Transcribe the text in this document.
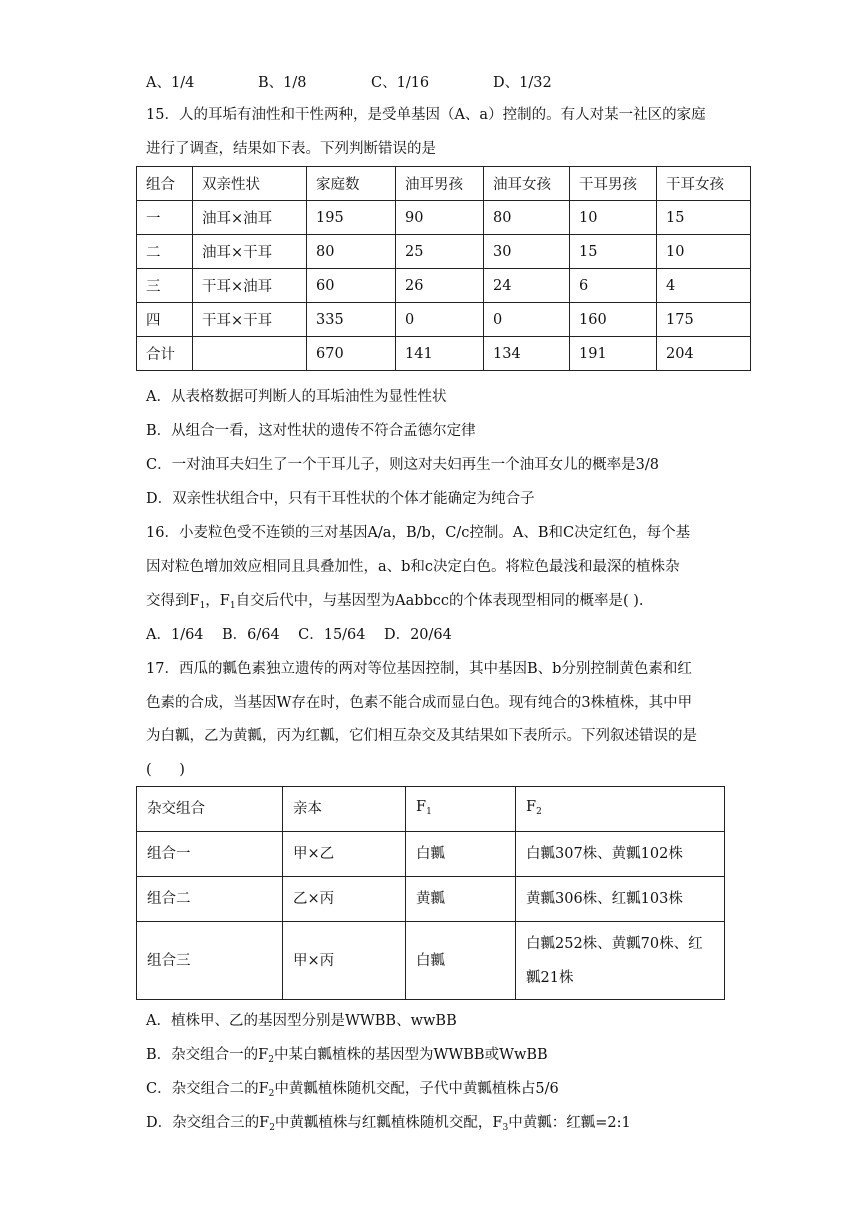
A、1/4	B、1/8	C、1/16	D、1/32
15．人的耳垢有油性和干性两种，是受单基因（A、a）控制的。有人对某一社区的家庭
进行了调查，结果如下表。下列判断错误的是
组合	双亲性状	家庭数	油耳男孩	油耳女孩	干耳男孩	干耳女孩
一	油耳×油耳	195	90	80	10	15
二	油耳×干耳	80	25	30	15	10
三	干耳×油耳	60	26	24	6	4
四	干耳×干耳	335	0	0	160	175
合计		670	141	134	191	204
A．从表格数据可判断人的耳垢油性为显性性状
B．从组合一看，这对性状的遗传不符合孟德尔定律
C．一对油耳夫妇生了一个干耳儿子，则这对夫妇再生一个油耳女儿的概率是3/8
D．双亲性状组合中，只有干耳性状的个体才能确定为纯合子
16．小麦粒色受不连锁的三对基因A/a，B/b，C/c控制。A、B和C决定红色，每个基
因对粒色增加效应相同且具叠加性，a、b和c决定白色。将粒色最浅和最深的植株杂
交得到$F_1$，$F_1$自交后代中，与基因型为Aabbcc的个体表现型相同的概率是( ).
A．1/64    B．6/64    C．15/64    D．20/64
17．西瓜的瓤色素独立遗传的两对等位基因控制，其中基因B、b分别控制黄色素和红
色素的合成，当基因W存在时，色素不能合成而显白色。现有纯合的3株植株，其中甲
为白瓤，乙为黄瓤，丙为红瓤，它们相互杂交及其结果如下表所示。下列叙述错误的是
(      )
杂交组合	亲本	$F_1$	$F_2$
组合一	甲×乙	白瓤	白瓤307株、黄瓤102株
组合二	乙×丙	黄瓤	黄瓤306株、红瓤103株
组合三	甲×丙	白瓤	白瓤252株、黄瓤70株、红瓤21株
A．植株甲、乙的基因型分别是WWBB、wwBB
B．杂交组合一的$F_2$中某白瓤植株的基因型为WWBB或WwBB
C．杂交组合二的$F_2$中黄瓤植株随机交配，子代中黄瓤植株占5/6
D．杂交组合三的$F_2$中黄瓤植株与红瓤植株随机交配，$F_3$中黄瓤：红瓤=2:1
